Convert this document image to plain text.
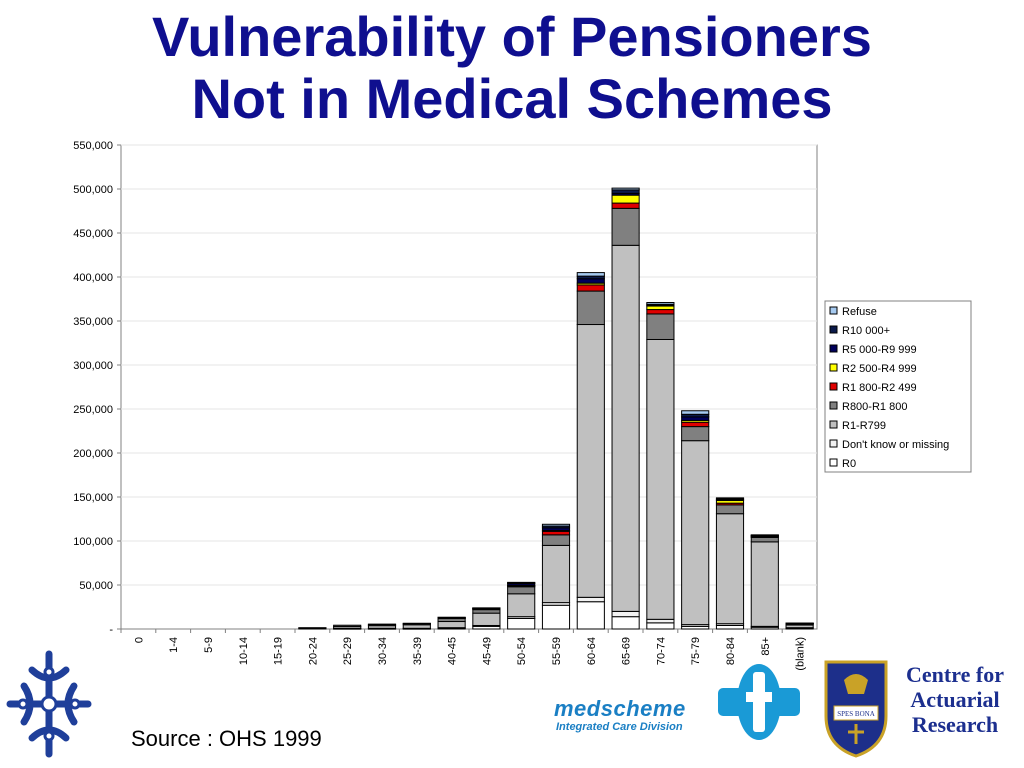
Vulnerability of Pensioners
Not in Medical Schemes
-
50,000
100,000
150,000
200,000
250,000
300,000
350,000
400,000
450,000
500,000
550,000
0 1-4 5-9 10-14 15-19 20-24 25-29 30-34 35-39 40-45 45-49 50-54 55-59 60-64 65-69 70-74 75-79 80-84 85+ (blank)
Refuse
R10 000+
R5 000-R9 999
R2 500-R4 999
R1 800-R2 499
R800-R1 800
R1-R799
Don't know or missing
R0
Source : OHS 1999
medscheme
Integrated Care Division
SPES BONA
Centre for
Actuarial
Research
